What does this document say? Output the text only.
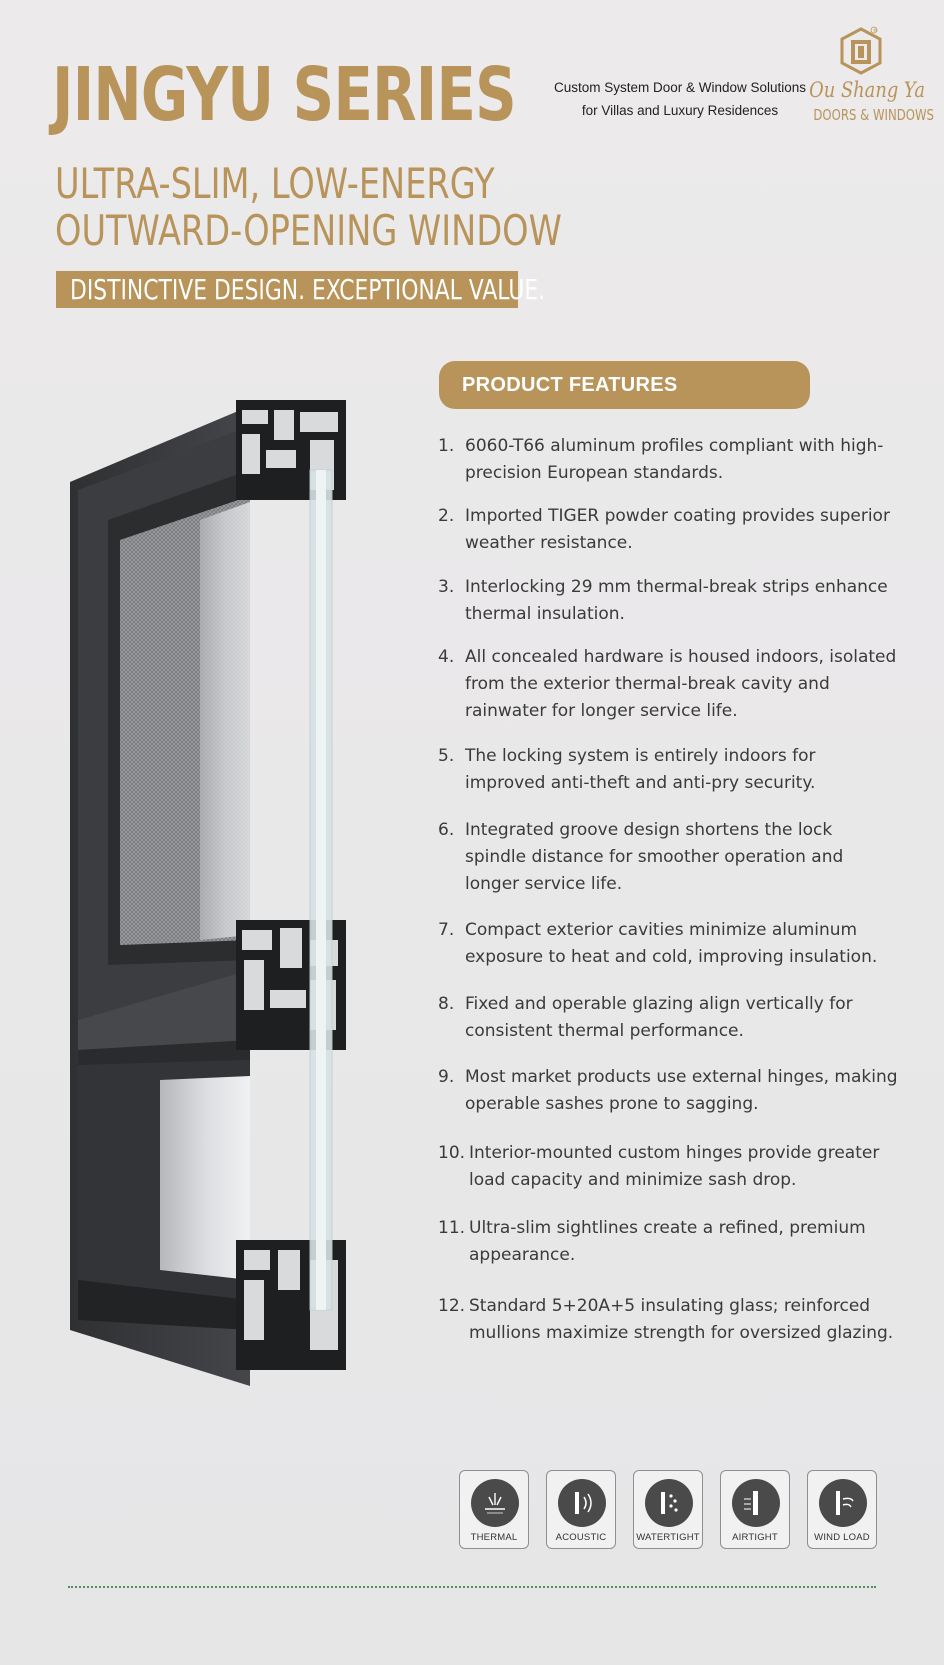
JINGYU SERIES
ULTRA-SLIM, LOW-ENERGY
OUTWARD-OPENING WINDOW
DISTINCTIVE DESIGN. EXCEPTIONAL VALUE.
Custom System Door & Window Solutions
for Villas and Luxury Residences
®
Ou Shang Ya
DOORS & WINDOWS
PRODUCT FEATURES
1. 6060-T66 aluminum profiles compliant with high-precision European standards.
2. Imported TIGER powder coating provides superior weather resistance.
3. Interlocking 29 mm thermal-break strips enhance thermal insulation.
4. All concealed hardware is housed indoors, isolated from the exterior thermal-break cavity and rainwater for longer service life.
5. The locking system is entirely indoors for improved anti-theft and anti-pry security.
6. Integrated groove design shortens the lock spindle distance for smoother operation and longer service life.
7. Compact exterior cavities minimize aluminum exposure to heat and cold, improving insulation.
8. Fixed and operable glazing align vertically for consistent thermal performance.
9. Most market products use external hinges, making operable sashes prone to sagging.
10. Interior-mounted custom hinges provide greater load capacity and minimize sash drop.
11. Ultra-slim sightlines create a refined, premium appearance.
12. Standard 5+20A+5 insulating glass; reinforced mullions maximize strength for oversized glazing.
THERMAL	ACOUSTIC	WATERTIGHT	AIRTIGHT	WIND LOAD
